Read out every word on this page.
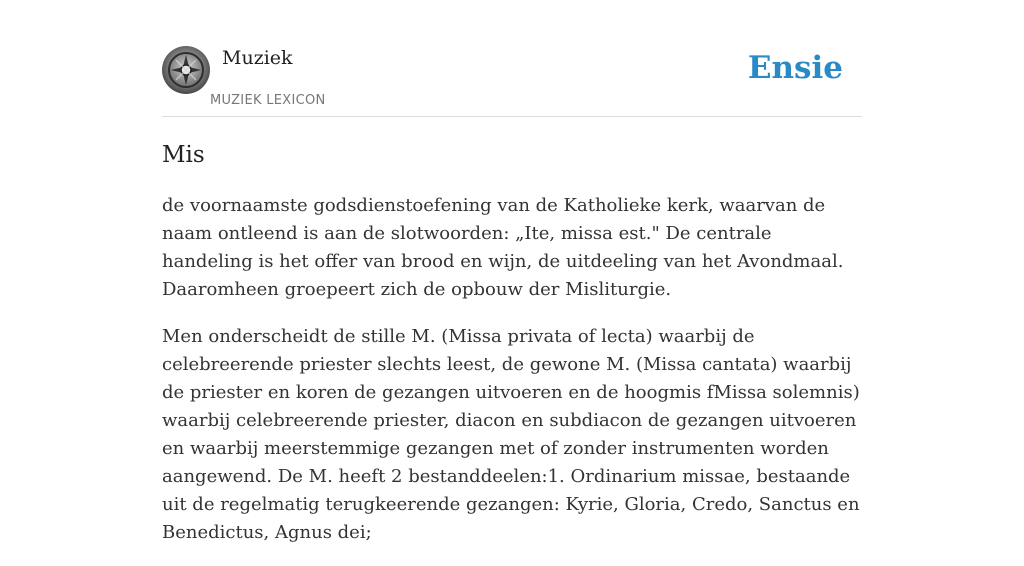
Muziek
MUZIEK LEXICON
Ensie
Mis

de voornaamste godsdienstoefening van de Katholieke kerk, waarvan de naam ontleend is aan de slotwoorden: „Ite, missa est." De centrale handeling is het offer van brood en wijn, de uitdeeling van het Avondmaal. Daaromheen groepeert zich de opbouw der Misliturgie.

Men onderscheidt de stille M. (Missa privata of lecta) waarbij de celebreerende priester slechts leest, de gewone M. (Missa cantata) waarbij de priester en koren de gezangen uitvoeren en de hoogmis fMissa solemnis) waarbij celebreerende priester, diacon en subdiacon de gezangen uitvoeren en waarbij meerstemmige gezangen met of zonder instrumenten worden aangewend. De M. heeft 2 bestanddeelen:1. Ordinarium missae, bestaande uit de regelmatig terugkeerende gezangen: Kyrie, Gloria, Credo, Sanctus en Benedictus, Agnus dei;
